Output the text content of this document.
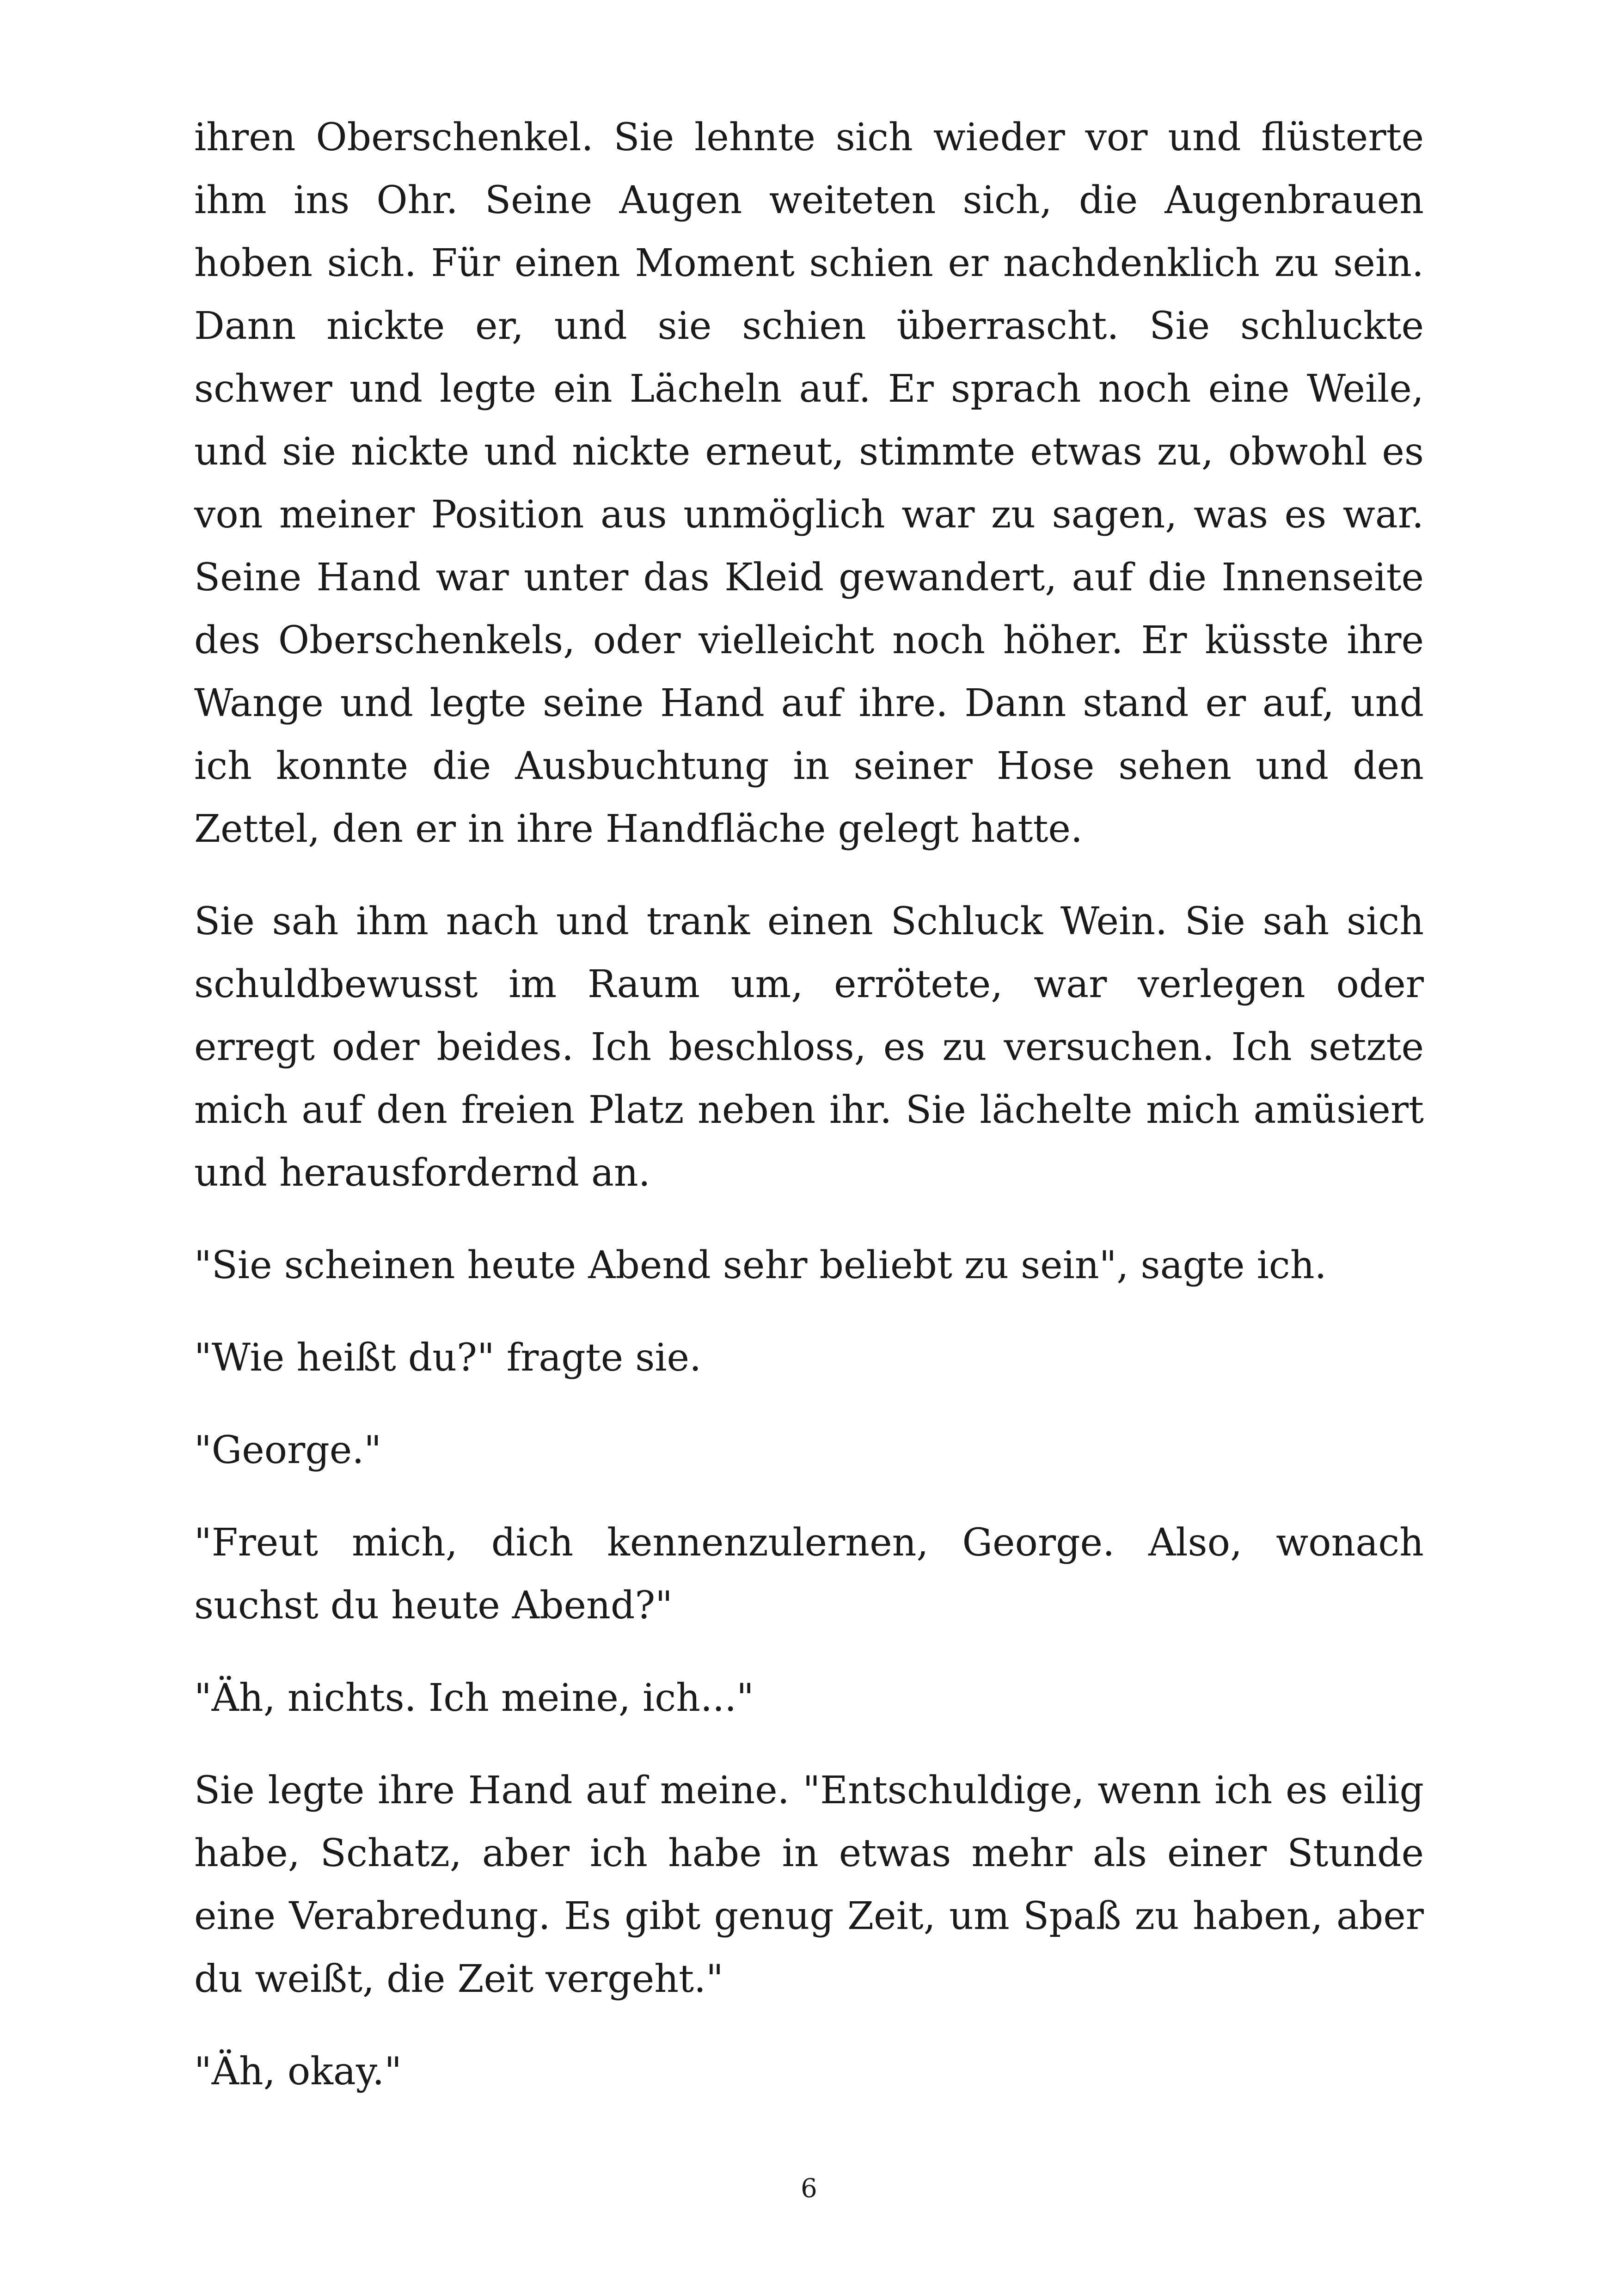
ihren Oberschenkel. Sie lehnte sich wieder vor und flüsterte ihm ins Ohr. Seine Augen weiteten sich, die Augenbrauen hoben sich. Für einen Moment schien er nachdenklich zu sein. Dann nickte er, und sie schien überrascht. Sie schluckte schwer und legte ein Lächeln auf. Er sprach noch eine Weile, und sie nickte und nickte erneut, stimmte etwas zu, obwohl es von meiner Position aus unmöglich war zu sagen, was es war. Seine Hand war unter das Kleid gewandert, auf die Innenseite des Oberschenkels, oder vielleicht noch höher. Er küsste ihre Wange und legte seine Hand auf ihre. Dann stand er auf, und ich konnte die Ausbuchtung in seiner Hose sehen und den Zettel, den er in ihre Handfläche gelegt hatte.

Sie sah ihm nach und trank einen Schluck Wein. Sie sah sich schuldbewusst im Raum um, errötete, war verlegen oder erregt oder beides. Ich beschloss, es zu versuchen. Ich setzte mich auf den freien Platz neben ihr. Sie lächelte mich amüsiert und herausfordernd an.

"Sie scheinen heute Abend sehr beliebt zu sein", sagte ich.

"Wie heißt du?" fragte sie.

"George."

"Freut mich, dich kennenzulernen, George. Also, wonach suchst du heute Abend?"

"Äh, nichts. Ich meine, ich..."

Sie legte ihre Hand auf meine. "Entschuldige, wenn ich es eilig habe, Schatz, aber ich habe in etwas mehr als einer Stunde eine Verabredung. Es gibt genug Zeit, um Spaß zu haben, aber du weißt, die Zeit vergeht."

"Äh, okay."

6
